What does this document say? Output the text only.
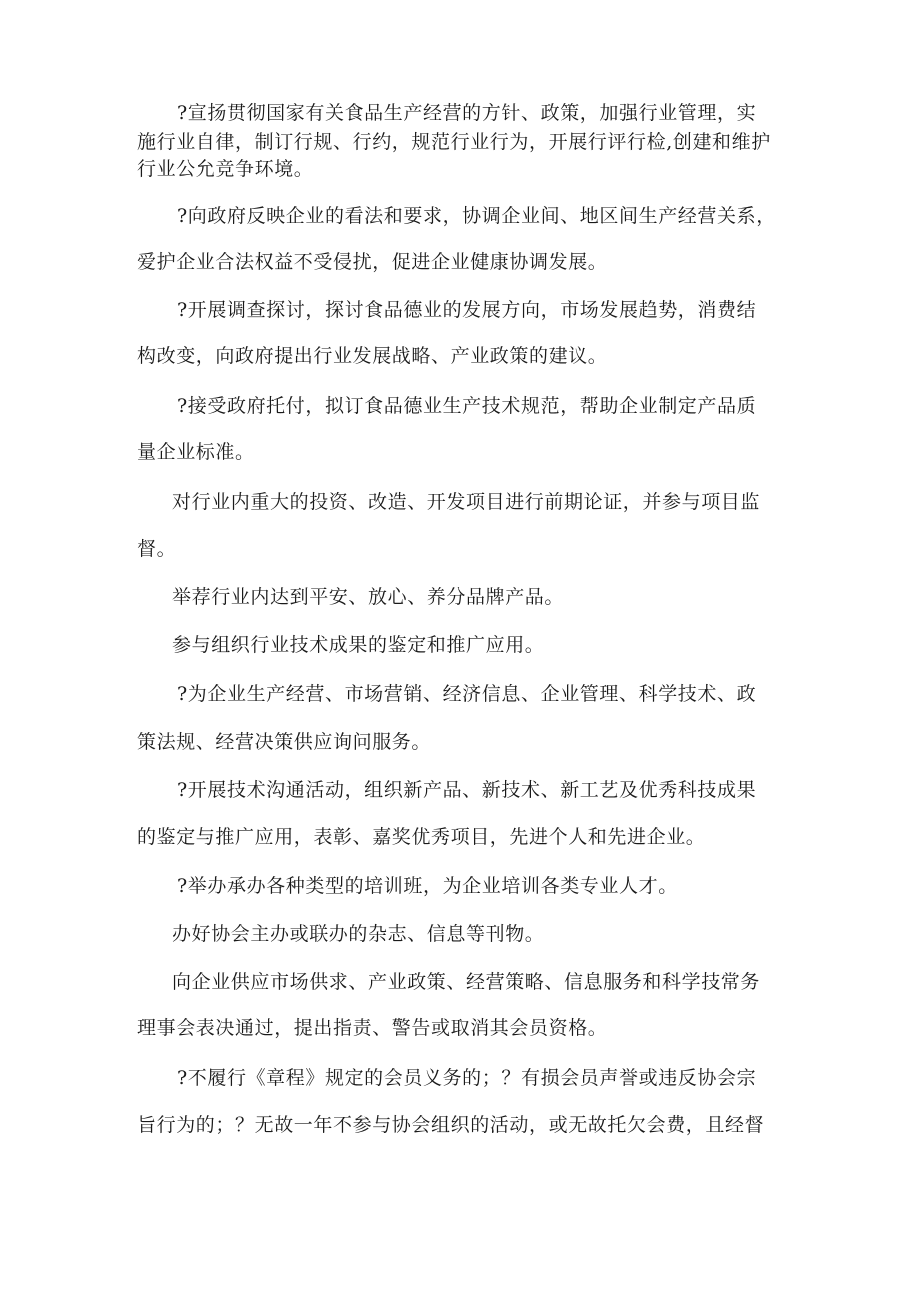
?宣扬贯彻国家有关食品生产经营的方针、政策，加强行业管理，实
施行业自律，制订行规、行约，规范行业行为，开展行评行检,创建和维护
行业公允竞争环境。
?向政府反映企业的看法和要求，协调企业间、地区间生产经营关系，
爱护企业合法权益不受侵扰，促进企业健康协调发展。
?开展调查探讨，探讨食品德业的发展方向，市场发展趋势，消费结
构改变，向政府提出行业发展战略、产业政策的建议。
?接受政府托付，拟订食品德业生产技术规范，帮助企业制定产品质
量企业标准。
对行业内重大的投资、改造、开发项目进行前期论证，并参与项目监
督。
举荐行业内达到平安、放心、养分品牌产品。
参与组织行业技术成果的鉴定和推广应用。
?为企业生产经营、市场营销、经济信息、企业管理、科学技术、政
策法规、经营决策供应询问服务。
?开展技术沟通活动，组织新产品、新技术、新工艺及优秀科技成果
的鉴定与推广应用，表彰、嘉奖优秀项目，先进个人和先进企业。
?举办承办各种类型的培训班，为企业培训各类专业人才。
办好协会主办或联办的杂志、信息等刊物。
向企业供应市场供求、产业政策、经营策略、信息服务和科学技常务
理事会表决通过，提出指责、警告或取消其会员资格。
?不履行《章程》规定的会员义务的；？有损会员声誉或违反协会宗
旨行为的；？无故一年不参与协会组织的活动，或无故托欠会费，且经督
